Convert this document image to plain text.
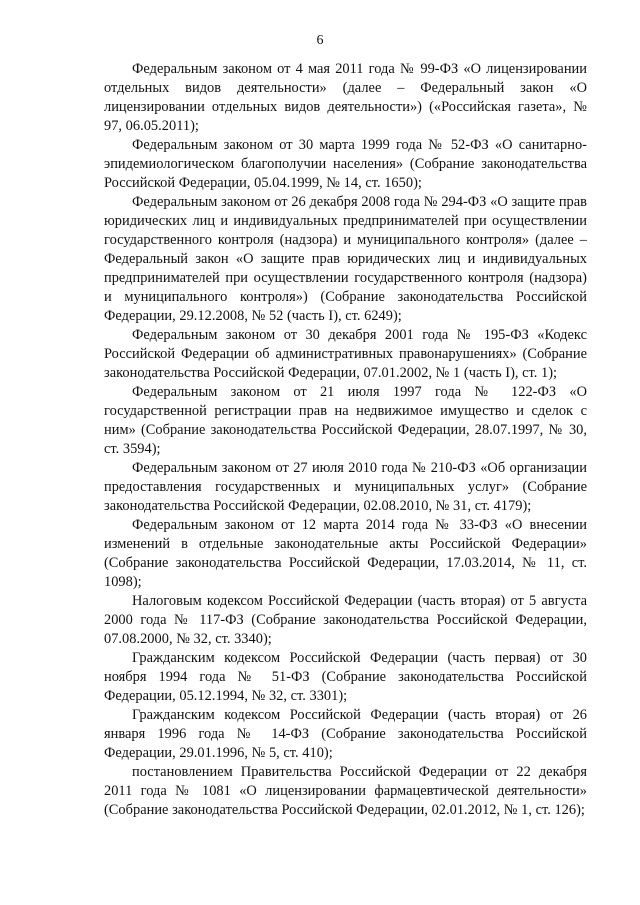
6

Федеральным законом от 4 мая 2011 года № 99-ФЗ «О лицензировании отдельных видов деятельности» (далее – Федеральный закон «О лицензировании отдельных видов деятельности») («Российская газета», № 97, 06.05.2011);

Федеральным законом от 30 марта 1999 года № 52-ФЗ «О санитарно-эпидемиологическом благополучии населения» (Собрание законодательства Российской Федерации, 05.04.1999, № 14, ст. 1650);

Федеральным законом от 26 декабря 2008 года № 294-ФЗ «О защите прав юридических лиц и индивидуальных предпринимателей при осуществлении государственного контроля (надзора) и муниципального контроля» (далее – Федеральный закон «О защите прав юридических лиц и индивидуальных предпринимателей при осуществлении государственного контроля (надзора) и муниципального контроля») (Собрание законодательства Российской Федерации, 29.12.2008, № 52 (часть I), ст. 6249);

Федеральным законом от 30 декабря 2001 года № 195-ФЗ «Кодекс Российской Федерации об административных правонарушениях» (Собрание законодательства Российской Федерации, 07.01.2002, № 1 (часть I), ст. 1);

Федеральным законом от 21 июля 1997 года № 122-ФЗ «О государственной регистрации прав на недвижимое имущество и сделок с ним» (Собрание законодательства Российской Федерации, 28.07.1997, № 30, ст. 3594);

Федеральным законом от 27 июля 2010 года № 210-ФЗ «Об организации предоставления государственных и муниципальных услуг» (Собрание законодательства Российской Федерации, 02.08.2010, № 31, ст. 4179);

Федеральным законом от 12 марта 2014 года № 33-ФЗ «О внесении изменений в отдельные законодательные акты Российской Федерации» (Собрание законодательства Российской Федерации, 17.03.2014, № 11, ст. 1098);

Налоговым кодексом Российской Федерации (часть вторая) от 5 августа 2000 года № 117-ФЗ (Собрание законодательства Российской Федерации, 07.08.2000, № 32, ст. 3340);

Гражданским кодексом Российской Федерации (часть первая) от 30 ноября 1994 года № 51-ФЗ (Собрание законодательства Российской Федерации, 05.12.1994, № 32, ст. 3301);

Гражданским кодексом Российской Федерации (часть вторая) от 26 января 1996 года № 14-ФЗ (Собрание законодательства Российской Федерации, 29.01.1996, № 5, ст. 410);

постановлением Правительства Российской Федерации от 22 декабря 2011 года № 1081 «О лицензировании фармацевтической деятельности» (Собрание законодательства Российской Федерации, 02.01.2012, № 1, ст. 126);
